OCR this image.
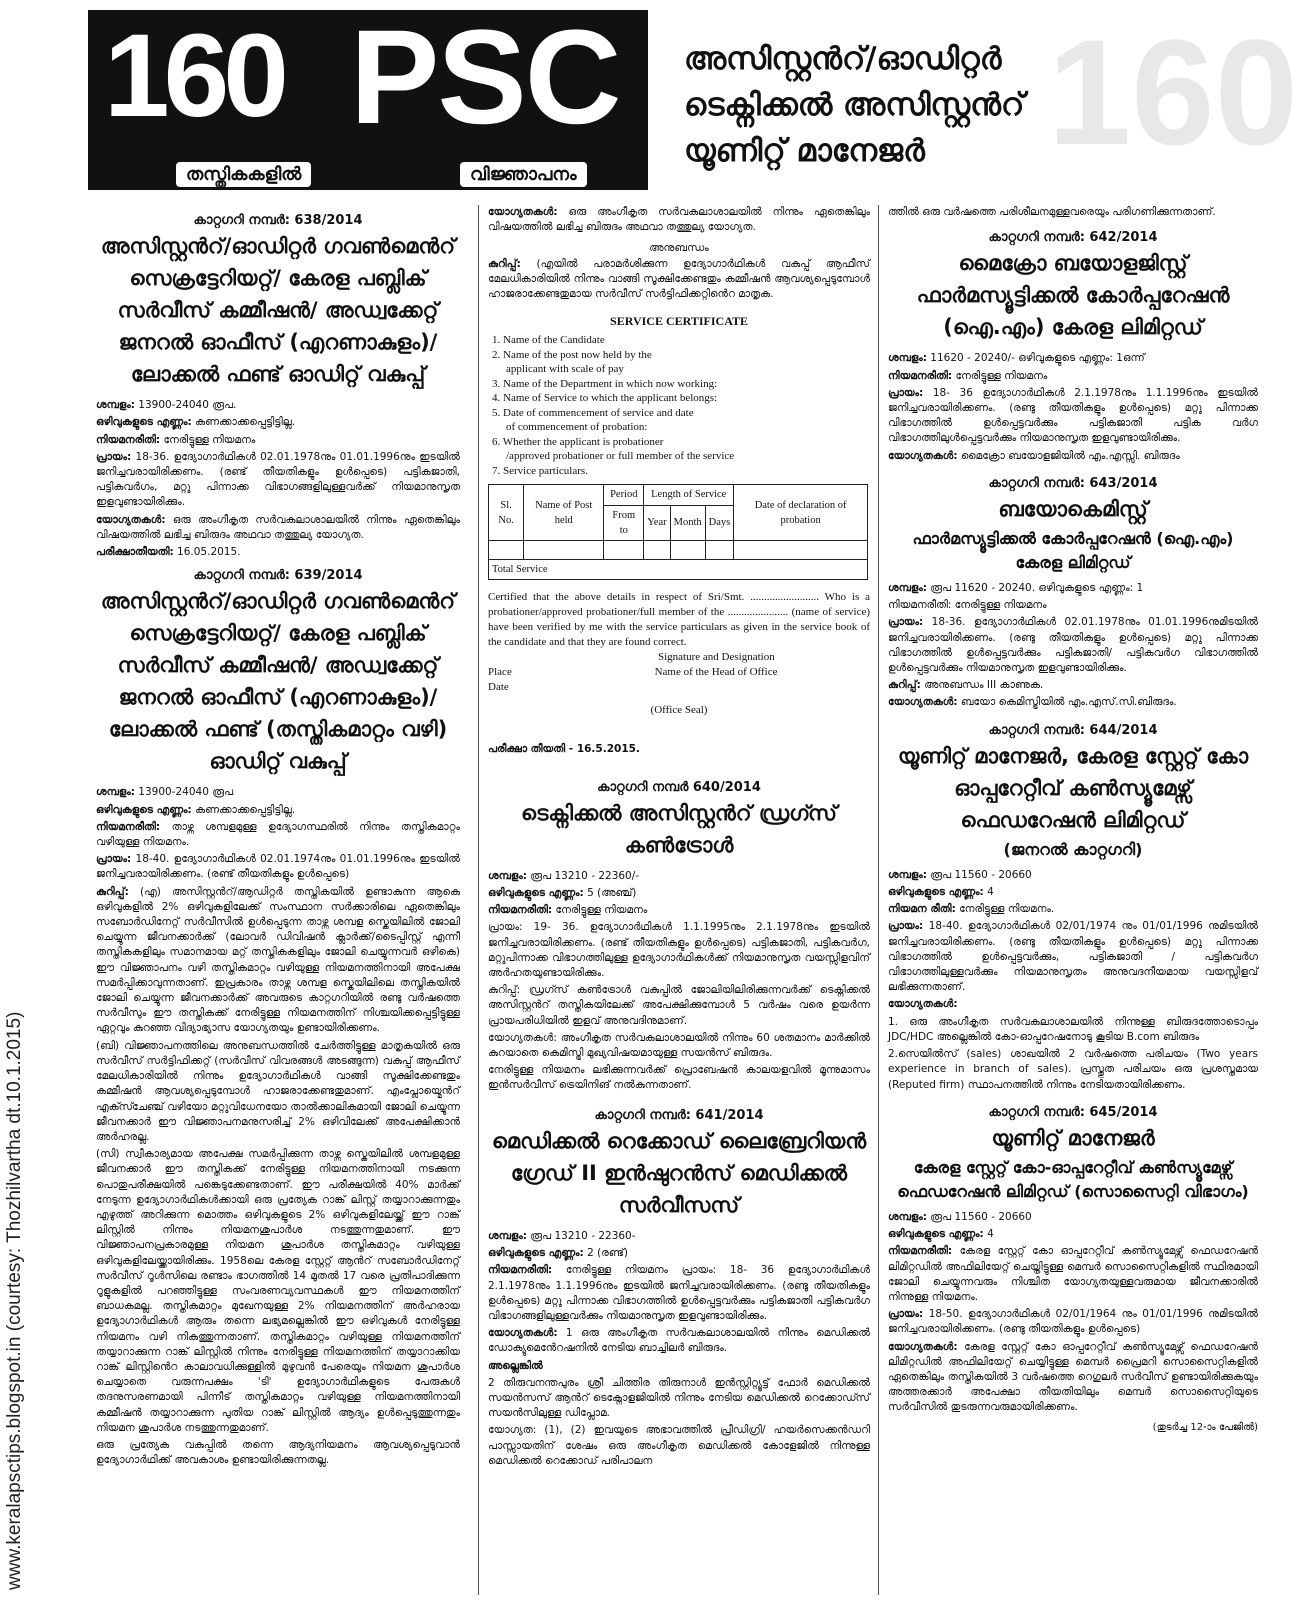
www.keralapsctips.blogspot.in (courtesy: Thozhilvartha dt.10.1.2015)
160
160
തസ്തികകളിൽ
PSC
വിജ്ഞാപനം
അസിസ്റ്റൻറ്/ഓഡിറ്റർ
ടെക്നിക്കൽ അസിസ്റ്റൻറ്
യൂണിറ്റ് മാനേജർ
കാറ്റഗറി നമ്പർ: 638/2014
അസിസ്റ്റൻറ്/ഓഡിറ്റർ ഗവൺമെൻറ് സെക്രട്ടേറിയറ്റ്/ കേരള പബ്ലിക് സർവീസ് കമ്മീഷൻ/ അഡ്വക്കേറ്റ് ജനറൽ ഓഫീസ് (എറണാകുളം)/ ലോക്കൽ ഫണ്ട് ഓഡിറ്റ് വകുപ്പ്

ശമ്പളം: 13900-24040 രൂപ.

ഒഴിവുകളുടെ എണ്ണം: കണക്കാക്കപ്പെട്ടിട്ടില്ല.

നിയമനരീതി: നേരിട്ടുള്ള നിയമനം

പ്രായം: 18-36. ഉദ്യോഗാർഥികൾ 02.01.1978നും 01.01.1996നും ഇടയിൽ ജനിച്ചവരായിരിക്കണം. (രണ്ട് തീയതികളും ഉൾപ്പെടെ) പട്ടികജാതി, പട്ടികവർഗം, മറ്റു പിന്നാക്ക വിഭാഗങ്ങളിലുള്ളവർക്ക് നിയമാനുസൃത ഇളവുണ്ടായിരിക്കും.

യോഗ്യതകൾ: ഒരു അംഗീകൃത സർവകലാശാലയിൽ നിന്നും ഏതെങ്കിലും വിഷയത്തിൽ ലഭിച്ച ബിരുദം അഥവാ തത്തുല്യ യോഗ്യത.

പരീക്ഷാതീയതി: 16.05.2015.

കാറ്റഗറി നമ്പർ: 639/2014
അസിസ്റ്റൻറ്/ഓഡിറ്റർ ഗവൺമെൻറ് സെക്രട്ടേറിയറ്റ്/ കേരള പബ്ലിക് സർവീസ് കമ്മീഷൻ/ അഡ്വക്കേറ്റ് ജനറൽ ഓഫീസ് (എറണാകുളം)/ ലോക്കൽ ഫണ്ട് (തസ്തികമാറ്റം വഴി) ഓഡിറ്റ് വകുപ്പ്

ശമ്പളം: 13900-24040 രൂപ

ഒഴിവുകളുടെ എണ്ണം: കണക്കാക്കപ്പെട്ടിട്ടില്ല.

നിയമനരീതി: താഴ്ന്ന ശമ്പളമുള്ള ഉദ്യോഗസ്ഥരിൽ നിന്നും തസ്തികമാറ്റം വഴിയുള്ള നിയമനം.

പ്രായം: 18-40. ഉദ്യോഗാർഥികൾ 02.01.1974നും 01.01.1996നും ഇടയിൽ ജനിച്ചവരായിരിക്കണം. (രണ്ട് തീയതികളും ഉൾപ്പെടെ)

കുറിപ്പ്: (എ) അസിസ്റ്റൻറ്/ആഡിറ്റർ തസ്തികയിൽ ഉണ്ടാകുന്ന ആകെ ഒഴിവുകളിൽ 2% ഒഴിവുകളിലേക്ക് സംസ്ഥാന സർക്കാരിലെ ഏതെങ്കിലും സബോർഡിനേറ്റ് സർവീസിൽ ഉൾപ്പെടുന്ന താഴ്ന്ന ശമ്പള സ്കെയിലിൽ ജോലി ചെയ്യുന്ന ജീവനക്കാർക്ക് (ലോവർ ഡിവിഷൻ ക്ലാർക്ക്/ടൈപ്പിസ്റ്റ് എന്നീ തസ്തികകളിലും സമാനമായ മറ്റ് തസ്തികകളിലും ജോലി ചെയ്യുന്നവർ ഒഴികെ) ഈ വിജ്ഞാപനം വഴി തസ്തികമാറ്റം വഴിയുള്ള നിയമനത്തിനായി അപേക്ഷ സമർപ്പിക്കാവുന്നതാണ്. ഇപ്രകാരം താഴ്ന്ന ശമ്പള സ്കെയിലിലെ തസ്തികയിൽ ജോലി ചെയ്യുന്ന ജീവനക്കാർക്ക് അവരുടെ കാറ്റഗറിയിൽ രണ്ടു വർഷത്തെ സർവീസും ഈ തസ്തികക്ക് നേരിട്ടുള്ള നിയമനത്തിന് നിശ്ചയിക്കപ്പെട്ടിട്ടുള്ള ഏറ്റവും കുറഞ്ഞ വിദ്യാഭ്യാസ യോഗ്യതയും ഉണ്ടായിരിക്കണം.

(ബി) വിജ്ഞാപനത്തിലെ അനുബന്ധത്തിൽ ചേർത്തിട്ടുള്ള മാതൃകയിൽ ഒരു സർവീസ് സർട്ടിഫിക്കറ്റ് (സർവീസ് വിവരങ്ങൾ അടങ്ങുന്ന) വകുപ്പ് ആഫീസ് മേലധികാരിയിൽ നിന്നും ഉദ്യോഗാർഥികൾ വാങ്ങി സൂക്ഷിക്കേണ്ടതും കമ്മീഷൻ ആവശ്യപ്പെടുമ്പോൾ ഹാജരാക്കേണ്ടതുമാണ്. എംപ്ലോയ്മെൻറ് എക്സ്ചേഞ്ച് വഴിയോ മറ്റുവിധേനയോ താൽക്കാലികമായി ജോലി ചെയ്യുന്ന ജീവനക്കാർ ഈ വിജ്ഞാപനമനുസരിച്ച് 2% ഒഴിവിലേക്ക് അപേക്ഷിക്കാൻ അർഹരല്ല.

(സി) സ്വീകാര്യമായ അപേക്ഷ സമർപ്പിക്കുന്ന താഴ്ന്ന സ്കെയിലിൽ ശമ്പളമുള്ള ജീവനക്കാർ ഈ തസ്തികക്ക് നേരിട്ടുള്ള നിയമനത്തിനായി നടക്കുന്ന പൊതുപരീക്ഷയിൽ പങ്കെടുക്കേണ്ടതാണ്. ഈ പരീക്ഷയിൽ 40% മാർക്ക് നേടുന്ന ഉദ്യോഗാർഥികൾക്കായി ഒരു പ്രത്യേക റാങ്ക് ലിസ്റ്റ് തയ്യാറാക്കുന്നതും എഴുത്ത് അറിക്കുന്ന മൊത്തം ഒഴിവുകളുടെ 2% ഒഴിവുകളിലേയ്ക്ക് ഈ റാങ്ക് ലിസ്റ്റിൽ നിന്നും നിയമനശുപാർശ നടത്തുന്നതുമാണ്. ഈ വിജ്ഞാപനപ്രകാരമുള്ള നിയമന ശുപാർശ തസ്തികമാറ്റം വഴിയുള്ള ഒഴിവുകളിലേയ്ക്കായിരിക്കും. 1958ലെ കേരള സ്റ്റേറ്റ് ആൻറ് സബോർഡിനേറ്റ് സർവീസ് റൂൾസിലെ രണ്ടാം ഭാഗത്തിൽ 14 മുതൽ 17 വരെ പ്രതിപാദിക്കുന്ന റൂളുകളിൽ പറഞ്ഞിട്ടുള്ള സംവരണവ്യവസ്ഥകൾ ഈ നിയമനത്തിന് ബാധകമല്ല. തസ്തികമാറ്റം മുഖേനയുള്ള 2% നിയമനത്തിന് അർഹരായ ഉദ്യോഗാർഥികൾ ആരും തന്നെ ലഭ്യമല്ലെങ്കിൽ ഈ ഒഴിവുകൾ നേരിട്ടുള്ള നിയമനം വഴി നികത്തുന്നതാണ്. തസ്തികമാറ്റം വഴിയുള്ള നിയമനത്തിന് തയ്യാറാക്കുന്ന റാങ്ക് ലിസ്റ്റിൽ നിന്നും നേരിട്ടുള്ള നിയമനത്തിന് തയ്യാറാക്കിയ റാങ്ക് ലിസ്റ്റിൻെറ കാലാവധിക്കുള്ളിൽ മുഴുവൻ പേരെയും നിയമന ശുപാർശ ചെയ്യാതെ വരുന്നപക്ഷം 'ടി' ഉദ്യോഗാർഥികളുടെ പേരുകൾ തദനുസരണമായി പിന്നീട് തസ്തികമാറ്റം വഴിയുള്ള നിയമനത്തിനായി കമ്മീഷൻ തയ്യാറാക്കുന്ന പുതിയ റാങ്ക് ലിസ്റ്റിൽ ആദ്യം ഉൾപ്പെടുത്തുന്നതും നിയമന ശുപാർശ നടത്തുന്നതുമാണ്.

ഒരു പ്രത്യേക വകുപ്പിൽ തന്നെ ആദ്യനിയമനം ആവശ്യപ്പെടുവാൻ ഉദ്യോഗാർഥിക്ക് അവകാശം ഉണ്ടായിരിക്കുന്നതല്ല.

യോഗ്യതകൾ: ഒരു അംഗീകൃത സർവകലാശാലയിൽ നിന്നും ഏതെങ്കിലും വിഷയത്തിൽ ലഭിച്ച ബിരുദം അഥവാ തത്തുല്യ യോഗ്യത.

അനുബന്ധം

കുറിപ്പ്: (എയിൽ പരാമർശിക്കുന്ന ഉദ്യോഗാർഥികൾ വകുപ്പ് ആഫീസ് മേലധികാരിയിൽ നിന്നും വാങ്ങി സൂക്ഷിക്കേണ്ടതും കമ്മീഷൻ ആവശ്യപ്പെടുമ്പോൾ ഹാജരാക്കേണ്ടതുമായ സർവീസ് സർട്ടിഫിക്കറ്റിൻെറ മാതൃക.

SERVICE CERTIFICATE
1. Name of the Candidate
2. Name of the post now held by the
applicant with scale of pay
3. Name of the Department in which now working:
4. Name of Service to which the applicant belongs:
5. Date of commencement of service and date
of commencement of probation:
6. Whether the applicant is probationer
/approved probationer or full member of the service
7. Service particulars.
Sl. No.	Name of Post held	Period	Length of Service			Date of declaration of probation
		From to	Year	Month	Days	

Total Service						
Certified that the above details in respect of Sri/Smt. ......................... Who is a probationer/approved probationer/full member of the ...................... (name of service) have been verified by me with the service particulars as given in the service book of the candidate and that they are found correct.
Signature and Designation
Place	Name of the Head of Office
Date
(Office Seal)

പരീക്ഷാ തീയതി - 16.5.2015.

കാറ്റഗറി നമ്പർ 640/2014
ടെക്നിക്കൽ അസിസ്റ്റൻറ് ഡ്രഗ്സ് കൺട്രോൾ

ശമ്പളം: രൂപ 13210 - 22360/-

ഒഴിവുകളുടെ എണ്ണം: 5 (അഞ്ച്)

നിയമനരീതി: നേരിട്ടുള്ള നിയമനം

പ്രായം: 19- 36. ഉദ്യോഗാർഥികൾ 1.1.1995നും 2.1.1978നും ഇടയിൽ ജനിച്ചവരായിരിക്കണം. (രണ്ട് തീയതികളും ഉൾപ്പെടെ) പട്ടികജാതി, പട്ടികവർഗ, മറ്റുപിന്നാക്ക വിഭാഗത്തിലുള്ള ഉദ്യോഗാർഥികൾക്ക് നിയമാനുസൃത വയസ്സിളവിന് അർഹതയുണ്ടായിരിക്കും.

കുറിപ്പ്: ഡ്രഗ്സ് കൺട്രോൾ വകുപ്പിൽ ജോലിയിലിരിക്കുന്നവർക്ക് ടെക്നിക്കൽ അസിസ്റ്റൻറ് തസ്തികയിലേക്ക് അപേക്ഷിക്കുമ്പോൾ 5 വർഷം വരെ ഉയർന്ന പ്രായപരിധിയിൽ ഇളവ് അനുവദിനുമാണ്.

യോഗ്യതകൾ: അംഗീകൃത സർവകലാശാലയിൽ നിന്നും 60 ശതമാനം മാർക്കിൽ കുറയാതെ കെമിസ്ട്രി മുഖ്യവിഷയമായുള്ള സയൻസ് ബിരുദം.

നേരിട്ടുള്ള നിയമനം ലഭിക്കുന്നവർക്ക് പ്രൊബേഷൻ കാലയളവിൽ മൂന്നുമാസം ഇൻസർവീസ് ട്രെയിനിങ് നൽകുന്നതാണ്.

കാറ്റഗറി നമ്പർ: 641/2014
മെഡിക്കൽ റെക്കോഡ് ലൈബ്രേറിയൻ ഗ്രേഡ് II ഇൻഷുറൻസ് മെഡിക്കൽ സർവീസസ്

ശമ്പളം: രൂപ 13210 - 22360-

ഒഴിവുകളുടെ എണ്ണം: 2 (രണ്ട്)

നിയമനരീതി: നേരിട്ടുള്ള നിയമനം പ്രായം: 18- 36 ഉദ്യോഗാർഥികൾ 2.1.1978നും 1.1.1996നും ഇടയിൽ ജനിച്ചവരായിരിക്കണം. (രണ്ടു തീയതികളും ഉൾപ്പെടെ) മറ്റു പിന്നാക്ക വിഭാഗത്തിൽ ഉൾപ്പെട്ടവർക്കും പട്ടികജാതി പട്ടികവർഗ വിഭാഗങ്ങളിലുള്ളവർക്കും നിയമാനുസൃത ഇളവുണ്ടായിരിക്കും.

യോഗ്യതകൾ: 1 ഒരു അംഗീകൃത സർവകലാശാലയിൽ നിന്നും മെഡിക്കൽ ഡോക്യുമെൻേറഷനിൽ നേടിയ ബാച്ചിലർ ബിരുദം.

അല്ലെങ്കിൽ

2 തിരുവനന്തപുരം ശ്രീ ചിത്തിര തിരുനാൾ ഇൻസ്റ്റിറ്റ്യൂട്ട് ഫോർ മെഡിക്കൽ സയൻസസ് ആൻറ് ടെക്നോളജിയിൽ നിന്നും നേടിയ മെഡിക്കൽ റെക്കോഡ്സ് സയൻസിലുള്ള ഡിപ്ലോമ.

യോഗ്യത: (1), (2) ഇവയുടെ അഭാവത്തിൽ പ്രീഡിഗ്രി/ ഹയർസെക്കൻഡറി പാസ്സായതിന് ശേഷം ഒരു അംഗീകൃത മെഡിക്കൽ കോളേജിൽ നിന്നുള്ള മെഡിക്കൽ റെക്കോഡ് പരിപാലന

ത്തിൽ ഒരു വർഷത്തെ പരിശീലനമുള്ളവരെയും പരിഗണിക്കുന്നതാണ്.

കാറ്റഗറി നമ്പർ: 642/2014
മൈക്രോ ബയോളജിസ്റ്റ് ഫാർമസ്യൂട്ടിക്കൽ കോർപ്പറേഷൻ (ഐ.എം) കേരള ലിമിറ്റഡ്

ശമ്പളം: 11620 - 20240/- ഒഴിവുകളുടെ എണ്ണം: 1ഒന്ന്

നിയമനരീതി: നേരിട്ടുള്ള നിയമനം

പ്രായം: 18- 36 ഉദ്യോഗാർഥികൾ 2.1.1978നും 1.1.1996നും ഇടയിൽ ജനിച്ചവരായിരിക്കണം. (രണ്ടു തീയതികളും ഉൾപ്പെടെ) മറ്റു പിന്നാക്ക വിഭാഗത്തിൽ ഉൾപ്പെട്ടവർക്കും പട്ടികജാതി പട്ടിക വർഗ വിഭാഗത്തിലുൾപ്പെട്ടവർക്കും നിയമാനുസൃത ഇളവുണ്ടായിരിക്കും.

യോഗ്യതകൾ: മൈക്രോ ബയോളജിയിൽ എം.എസ്സി. ബിരുദം

കാറ്റഗറി നമ്പർ: 643/2014
ബയോകെമിസ്റ്റ്
ഫാർമസ്യൂട്ടിക്കൽ കോർപ്പറേഷൻ (ഐ.എം) കേരള ലിമിറ്റഡ്

ശമ്പളം: രൂപ 11620 - 20240. ഒഴിവുകളുടെ എണ്ണം: 1

നിയമനരീതി: നേരിട്ടുള്ള നിയമനം

പ്രായം: 18-36. ഉദ്യോഗാർഥികൾ 02.01.1978നും 01.01.1996നുമിടയിൽ ജനിച്ചവരായിരിക്കണം. (രണ്ടു തീയതികളും ഉൾപ്പെടെ) മറ്റു പിന്നാക്ക വിഭാഗത്തിൽ ഉൾപ്പെട്ടവർക്കും പട്ടികജാതി/ പട്ടികവർഗ വിഭാഗത്തിൽ ഉൾപ്പെട്ടവർക്കും നിയമാനുസൃത ഇളവുണ്ടായിരിക്കും.

കുറിപ്പ്: അനുബന്ധം III കാണുക.

യോഗ്യതകൾ: ബയോ കെമിസ്ട്രിയിൽ എം.എസ്.സി.ബിരുദം.

കാറ്റഗറി നമ്പർ: 644/2014
യൂണിറ്റ് മാനേജർ, കേരള സ്റ്റേറ്റ് കോ ഓപ്പറേറ്റീവ് കൺസ്യൂമേഴ്സ് ഫെഡറേഷൻ ലിമിറ്റഡ്
(ജനറൽ കാറ്റഗറി)

ശമ്പളം: രൂപ 11560 - 20660

ഒഴിവുകളുടെ എണ്ണം: 4

നിയമന രീതി: നേരിട്ടുള്ള നിയമനം.

പ്രായം: 18-40. ഉദ്യോഗാർഥികൾ 02/01/1974 നും 01/01/1996 നുമിടയിൽ ജനിച്ചവരായിരിക്കണം. (രണ്ടു തീയതികളും ഉൾപ്പെടെ) മറ്റു പിന്നാക്ക വിഭാഗത്തിൽ ഉൾപ്പെട്ടവർക്കും, പട്ടികജാതി / പട്ടികവർഗ വിഭാഗത്തിലുള്ളവർക്കും നിയമാനുസൃതം അനുവദനീയമായ വയസ്സിളവ് ലഭിക്കുന്നതാണ്.

യോഗ്യതകൾ:

1. ഒരു അംഗീകൃത സർവകലാശാലയിൽ നിന്നുള്ള ബിരുദത്തോടൊപ്പം JDC/HDC അല്ലെങ്കിൽ കോ-ഓപ്പറേഷനോടു കൂടിയ B.com ബിരുദം

2.സെയിൽസ് (sales) ശാഖയിൽ 2 വർഷത്തെ പരിചയം (Two years experience in branch of sales). പ്രസ്തുത പരിചയം ഒരു പ്രശസ്തമായ (Reputed firm) സ്ഥാപനത്തിൽ നിന്നും നേടിയതായിരിക്കണം.

കാറ്റഗറി നമ്പർ: 645/2014
യൂണിറ്റ് മാനേജർ
കേരള സ്റ്റേറ്റ് കോ-ഓപ്പറേറ്റീവ് കൺസ്യൂമേഴ്സ് ഫെഡറേഷൻ ലിമിറ്റഡ് (സൊസൈറ്റി വിഭാഗം)

ശമ്പളം: രൂപ 11560 - 20660

ഒഴിവുകളുടെ എണ്ണം: 4

നിയമനരീതി: കേരള സ്റ്റേറ്റ് കോ ഓപ്പറേറ്റീവ് കൺസ്യൂമേഴ്സ് ഫെഡറേഷൻ ലിമിറ്റഡിൽ അഫിലിയേറ്റ് ചെയ്തിട്ടുള്ള മെമ്പർ സൊസൈറ്റികളിൽ സ്ഥിരമായി ജോലി ചെയ്യുന്നവരും നിശ്ചിത യോഗ്യതയുള്ളവരുമായ ജീവനക്കാരിൽ നിന്നുള്ള നിയമനം.

പ്രായം: 18-50. ഉദ്യോഗാർഥികൾ 02/01/1964 നും 01/01/1996 നുമിടയിൽ ജനിച്ചവരായിരിക്കണം. (രണ്ടു തീയതികളും ഉൾപ്പെടെ)

യോഗ്യതകൾ: കേരള സ്റ്റേറ്റ് കോ ഓപ്പറേറ്റീവ് കൺസ്യൂമേഴ്സ് ഫെഡറേഷൻ ലിമിറ്റഡിൽ അഫിലിയേറ്റ് ചെയ്യിട്ടുള്ള മെമ്പർ പ്രൈമറി സൊസൈറ്റികളിൽ ഏതെങ്കിലും തസ്തികയിൽ 3 വർഷത്തെ റെഗുലർ സർവീസ് ഉണ്ടായിരിക്കുകയും അത്തരക്കാർ അപേക്ഷാ തീയതിയിലും മെമ്പർ സൊസൈറ്റിയുടെ സർവീസിൽ തുടരുന്നവരുമായിരിക്കണം.

(തുടർച്ച 12-ാം പേജിൽ)
